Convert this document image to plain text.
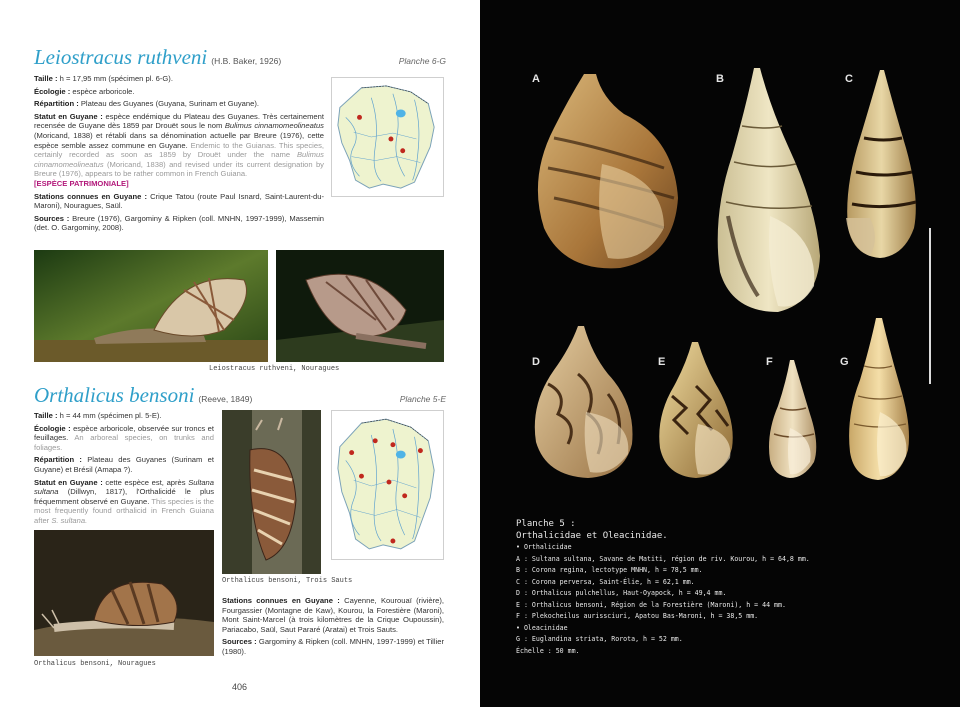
Leiostracus ruthveni (H.B. Baker, 1926)	Planche 6-G

Taille : h = 17,95 mm (spécimen pl. 6-G).

Écologie : espèce arboricole.

Répartition : Plateau des Guyanes (Guyana, Surinam et Guyane).

Statut en Guyane : espèce endémique du Plateau des Guyanes. Très certainement recensée de Guyane dès 1859 par Drouët sous le nom Bulimus cinnamomeolineatus (Moricand, 1838) et rétabli dans sa dénomination actuelle par Breure (1976), cette espèce semble assez commune en Guyane. Endemic to the Guianas. This species, certainly recorded as soon as 1859 by Drouët under the name Bulimus cinnamomeolineatus (Moricand, 1838) and revised under its current designation by Breure (1976), appears to be rather common in French Guiana.
[ESPÈCE PATRIMONIALE]

Stations connues en Guyane : Crique Tatou (route Paul Isnard, Saint-Laurent-du-Maroni), Nouragues, Saül.

Sources : Breure (1976), Gargominy & Ripken (coll. MNHN, 1997-1999), Massemin (det. O. Gargominy, 2008).

Leiostracus ruthveni, Nouragues
Orthalicus bensoni (Reeve, 1849)	Planche 5-E

Taille : h = 44 mm (spécimen pl. 5-E).

Écologie : espèce arboricole, observée sur troncs et feuillages. An arboreal species, on trunks and foliages.

Répartition : Plateau des Guyanes (Surinam et Guyane) et Brésil (Amapa ?).

Statut en Guyane : cette espèce est, après Sultana sultana (Dillwyn, 1817), l'Orthalicidé le plus fréquemment observé en Guyane. This species is the most frequently found orthalicid in French Guiana after S. sultana.

Orthalicus bensoni, Trois Sauts
Orthalicus bensoni, Nouragues

Stations connues en Guyane : Cayenne, Kourouaï (rivière), Fourgassier (Montagne de Kaw), Kourou, la Forestière (Maroni), Mont Saint-Marcel (à trois kilomètres de la Crique Oupoussin), Pariacabo, Saül, Saut Pararé (Aratai) et Trois Sauts.

Sources : Gargominy & Ripken (coll. MNHN, 1997-1999) et Tillier (1980).

406
A	B	C
D	E	F	G
Planche 5 :
Orthalicidae et Oleacinidae.
• Orthalicidae
A : Sultana sultana, Savane de Matiti, région de riv. Kourou, h = 64,8 mm.
B : Corona regina, lectotype MNHN, h = 78,5 mm.
C : Corona perversa, Saint-Élie, h = 62,1 mm.
D : Orthalicus pulchellus, Haut-Oyapock, h = 49,4 mm.
E : Orthalicus bensoni, Région de la Forestière (Maroni), h = 44 mm.
F : Plekocheilus aurissciuri, Apatou Bas-Maroni, h = 38,5 mm.
• Oleacinidae
G : Euglandina striata, Rorota, h = 52 mm.
Échelle : 50 mm.
